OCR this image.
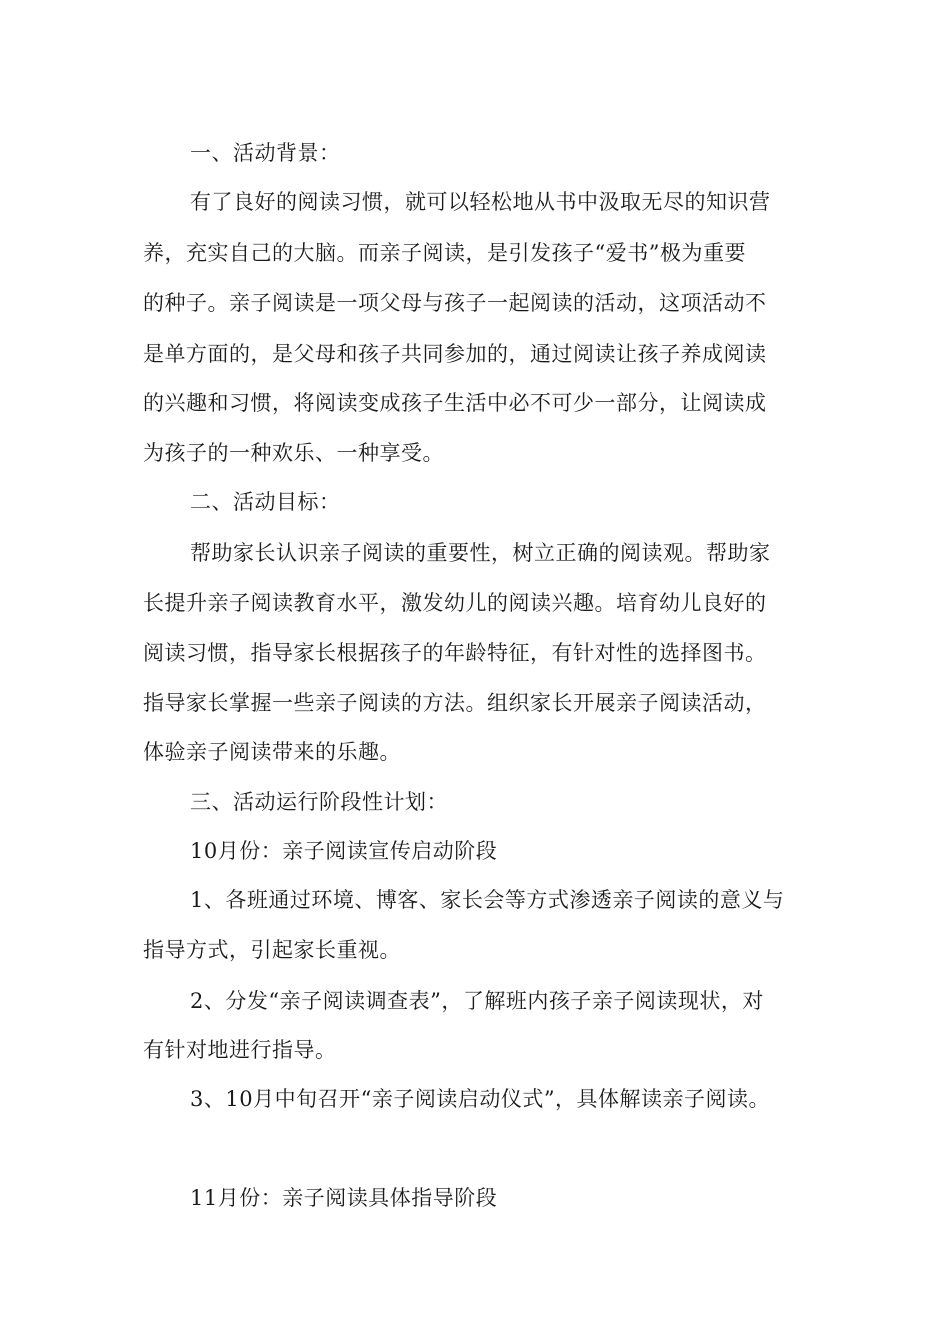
一、活动背景：
有了良好的阅读习惯，就可以轻松地从书中汲取无尽的知识营
养，充实自己的大脑。而亲子阅读，是引发孩子“爱书”极为重要
的种子。亲子阅读是一项父母与孩子一起阅读的活动，这项活动不
是单方面的，是父母和孩子共同参加的，通过阅读让孩子养成阅读
的兴趣和习惯，将阅读变成孩子生活中必不可少一部分，让阅读成
为孩子的一种欢乐、一种享受。
二、活动目标：
帮助家长认识亲子阅读的重要性，树立正确的阅读观。帮助家
长提升亲子阅读教育水平，激发幼儿的阅读兴趣。培育幼儿良好的
阅读习惯，指导家长根据孩子的年龄特征，有针对性的选择图书。
指导家长掌握一些亲子阅读的方法。组织家长开展亲子阅读活动，
体验亲子阅读带来的乐趣。
三、活动运行阶段性计划：
10月份：亲子阅读宣传启动阶段
1、各班通过环境、博客、家长会等方式渗透亲子阅读的意义与
指导方式，引起家长重视。
2、分发“亲子阅读调查表”，了解班内孩子亲子阅读现状，对
有针对地进行指导。
3、10月中旬召开“亲子阅读启动仪式”，具体解读亲子阅读。
11月份：亲子阅读具体指导阶段
